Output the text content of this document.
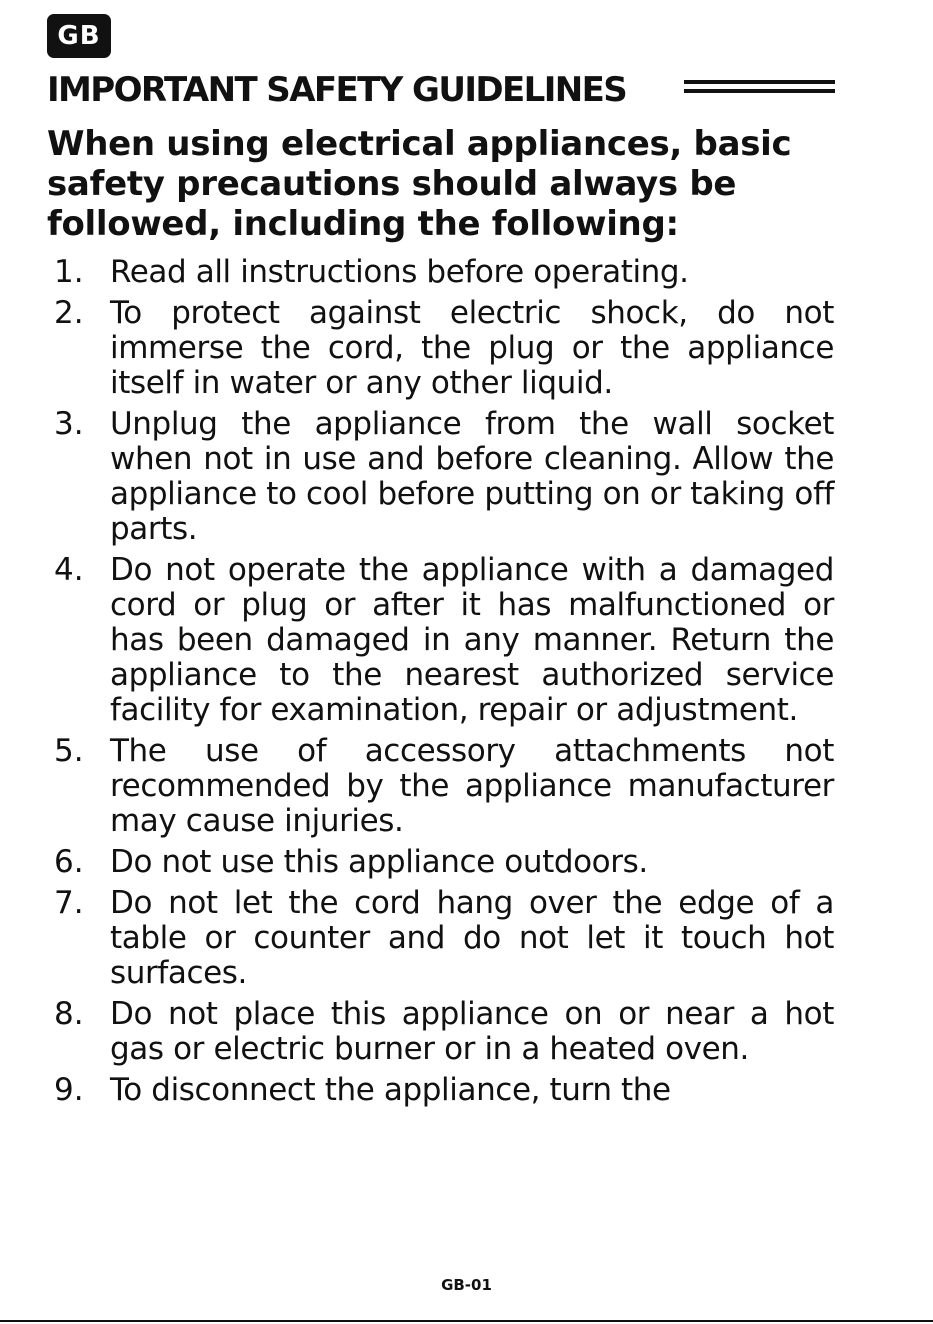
GB
IMPORTANT SAFETY GUIDELINES

When using electrical appliances, basic safety precautions should always be followed, including the following:

1. Read all instructions before operating.
2. To protect against electric shock, do not immerse the cord, the plug or the appliance itself in water or any other liquid.
3. Unplug the appliance from the wall socket when not in use and before cleaning. Allow the appliance to cool before putting on or taking off parts.
4. Do not operate the appliance with a damaged cord or plug or after it has malfunctioned or has been damaged in any manner. Return the appliance to the nearest authorized service facility for examination, repair or adjustment.
5. The use of accessory attachments not recommended by the appliance manufacturer may cause injuries.
6. Do not use this appliance outdoors.
7. Do not let the cord hang over the edge of a table or counter and do not let it touch hot surfaces.
8. Do not place this appliance on or near a hot gas or electric burner or in a heated oven.
9. To disconnect the appliance, turn the
GB-01
